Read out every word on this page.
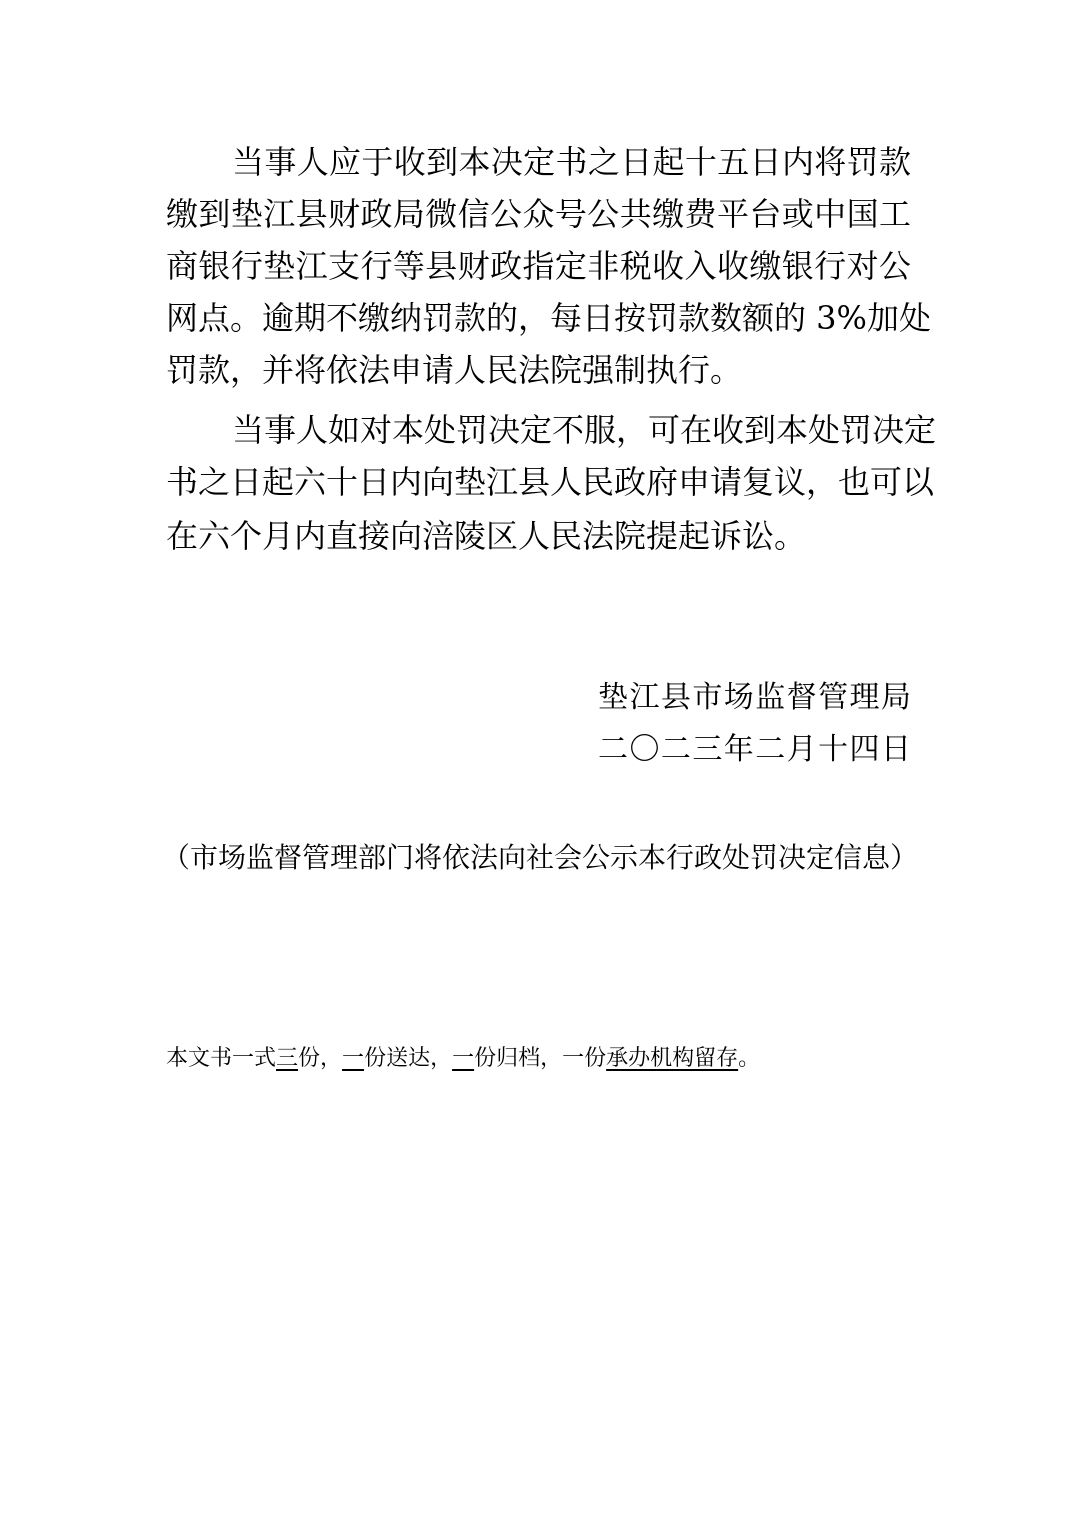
当事人应于收到本决定书之日起十五日内将罚款
缴到垫江县财政局微信公众号公共缴费平台或中国工
商银行垫江支行等县财政指定非税收入收缴银行对公
网点。逾期不缴纳罚款的，每日按罚款数额的 3%加处
罚款，并将依法申请人民法院强制执行。
当事人如对本处罚决定不服，可在收到本处罚决定
书之日起六十日内向垫江县人民政府申请复议，也可以
在六个月内直接向涪陵区人民法院提起诉讼。
垫江县市场监督管理局
二〇二三年二月十四日
（市场监督管理部门将依法向社会公示本行政处罚决定信息）
本文书一式三份，一份送达，一份归档，一份承办机构留存。
